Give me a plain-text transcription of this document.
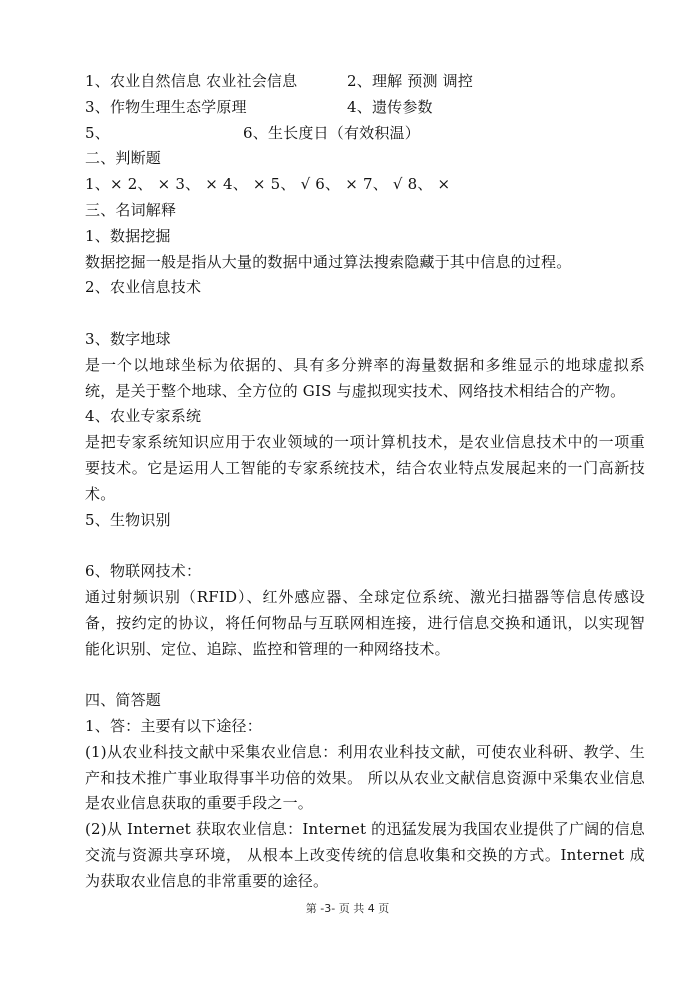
1、农业自然信息 农业社会信息	2、理解 预测 调控
3、作物生理生态学原理	4、遗传参数
5、	6、生长度日（有效积温）
二、判断题
1、× 2、 × 3、 × 4、 × 5、 √ 6、 × 7、 √ 8、 ×
三、名词解释
1、数据挖掘
数据挖掘一般是指从大量的数据中通过算法搜索隐藏于其中信息的过程。
2、农业信息技术
3、数字地球
是一个以地球坐标为依据的、具有多分辨率的海量数据和多维显示的地球虚拟系统，是关于整个地球、全方位的 GIS 与虚拟现实技术、网络技术相结合的产物。
4、农业专家系统
是把专家系统知识应用于农业领域的一项计算机技术，是农业信息技术中的一项重要技术。它是运用人工智能的专家系统技术，结合农业特点发展起来的一门高新技术。
5、生物识别
6、物联网技术：
通过射频识别（RFID）、红外感应器、全球定位系统、激光扫描器等信息传感设备，按约定的协议，将任何物品与互联网相连接，进行信息交换和通讯，以实现智能化识别、定位、追踪、监控和管理的一种网络技术。
四、简答题
1、答：主要有以下途径：
(1)从农业科技文献中采集农业信息：利用农业科技文献，可使农业科研、教学、生产和技术推广事业取得事半功倍的效果。 所以从农业文献信息资源中采集农业信息是农业信息获取的重要手段之一。
(2)从 Internet 获取农业信息：Internet 的迅猛发展为我国农业提供了广阔的信息交流与资源共享环境， 从根本上改变传统的信息收集和交换的方式。Internet 成为获取农业信息的非常重要的途径。
第 -3- 页 共 4 页
